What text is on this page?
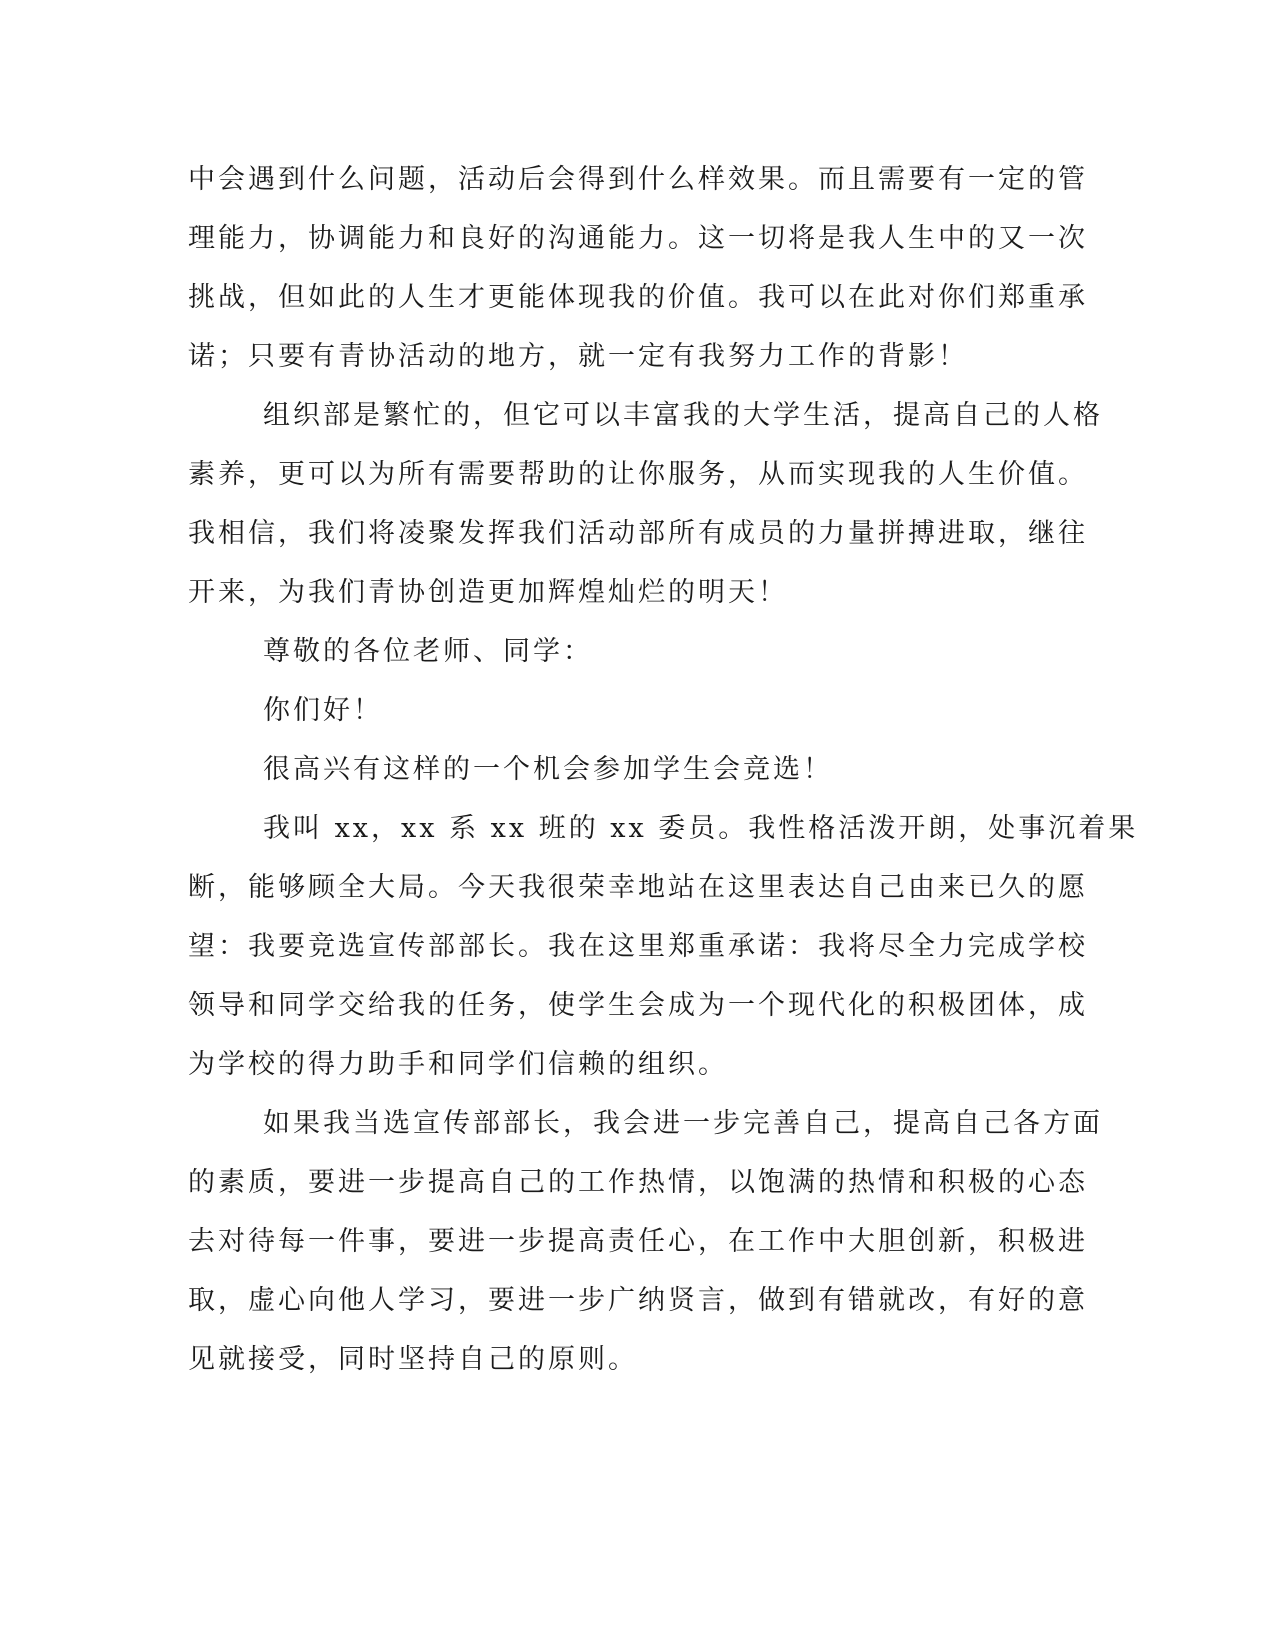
中会遇到什么问题，活动后会得到什么样效果。而且需要有一定的管
理能力，协调能力和良好的沟通能力。这一切将是我人生中的又一次
挑战，但如此的人生才更能体现我的价值。我可以在此对你们郑重承
诺；只要有青协活动的地方，就一定有我努力工作的背影！
组织部是繁忙的，但它可以丰富我的大学生活，提高自己的人格
素养，更可以为所有需要帮助的让你服务，从而实现我的人生价值。
我相信，我们将凌聚发挥我们活动部所有成员的力量拼搏进取，继往
开来，为我们青协创造更加辉煌灿烂的明天！
尊敬的各位老师、同学：
你们好！
很高兴有这样的一个机会参加学生会竞选！
我叫 xx，xx 系 xx 班的 xx 委员。我性格活泼开朗，处事沉着果
断，能够顾全大局。今天我很荣幸地站在这里表达自己由来已久的愿
望：我要竞选宣传部部长。我在这里郑重承诺：我将尽全力完成学校
领导和同学交给我的任务，使学生会成为一个现代化的积极团体，成
为学校的得力助手和同学们信赖的组织。
如果我当选宣传部部长，我会进一步完善自己，提高自己各方面
的素质，要进一步提高自己的工作热情，以饱满的热情和积极的心态
去对待每一件事，要进一步提高责任心，在工作中大胆创新，积极进
取，虚心向他人学习，要进一步广纳贤言，做到有错就改，有好的意
见就接受，同时坚持自己的原则。
